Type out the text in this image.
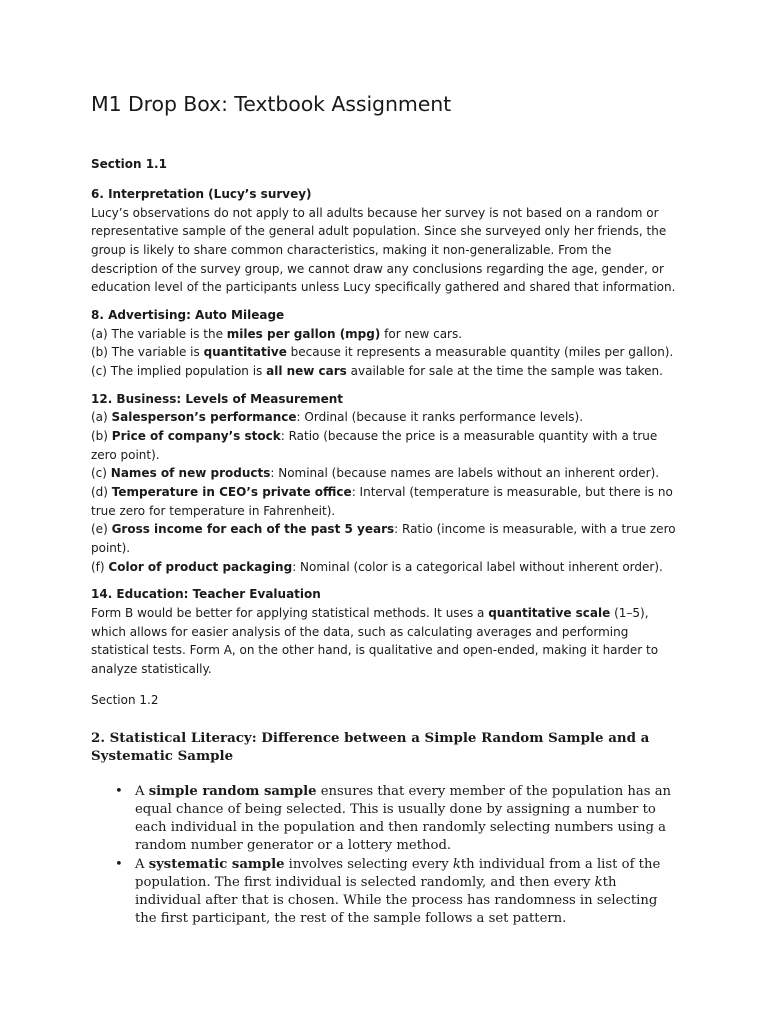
M1 Drop Box: Textbook Assignment
Section 1.1
6. Interpretation (Lucy’s survey)
Lucy’s observations do not apply to all adults because her survey is not based on a random or representative sample of the general adult population. Since she surveyed only her friends, the group is likely to share common characteristics, making it non-generalizable. From the description of the survey group, we cannot draw any conclusions regarding the age, gender, or education level of the participants unless Lucy specifically gathered and shared that information.
8. Advertising: Auto Mileage
(a) The variable is the miles per gallon (mpg) for new cars.
(b) The variable is quantitative because it represents a measurable quantity (miles per gallon).
(c) The implied population is all new cars available for sale at the time the sample was taken.
12. Business: Levels of Measurement
(a) Salesperson’s performance: Ordinal (because it ranks performance levels).
(b) Price of company’s stock: Ratio (because the price is a measurable quantity with a true zero point).
(c) Names of new products: Nominal (because names are labels without an inherent order).
(d) Temperature in CEO’s private office: Interval (temperature is measurable, but there is no true zero for temperature in Fahrenheit).
(e) Gross income for each of the past 5 years: Ratio (income is measurable, with a true zero point).
(f) Color of product packaging: Nominal (color is a categorical label without inherent order).
14. Education: Teacher Evaluation
Form B would be better for applying statistical methods. It uses a quantitative scale (1–5), which allows for easier analysis of the data, such as calculating averages and performing statistical tests. Form A, on the other hand, is qualitative and open-ended, making it harder to analyze statistically.
Section 1.2
2. Statistical Literacy: Difference between a Simple Random Sample and a Systematic Sample
• A simple random sample ensures that every member of the population has an equal chance of being selected. This is usually done by assigning a number to each individual in the population and then randomly selecting numbers using a random number generator or a lottery method.
• A systematic sample involves selecting every kth individual from a list of the population. The first individual is selected randomly, and then every kth individual after that is chosen. While the process has randomness in selecting the first participant, the rest of the sample follows a set pattern.
